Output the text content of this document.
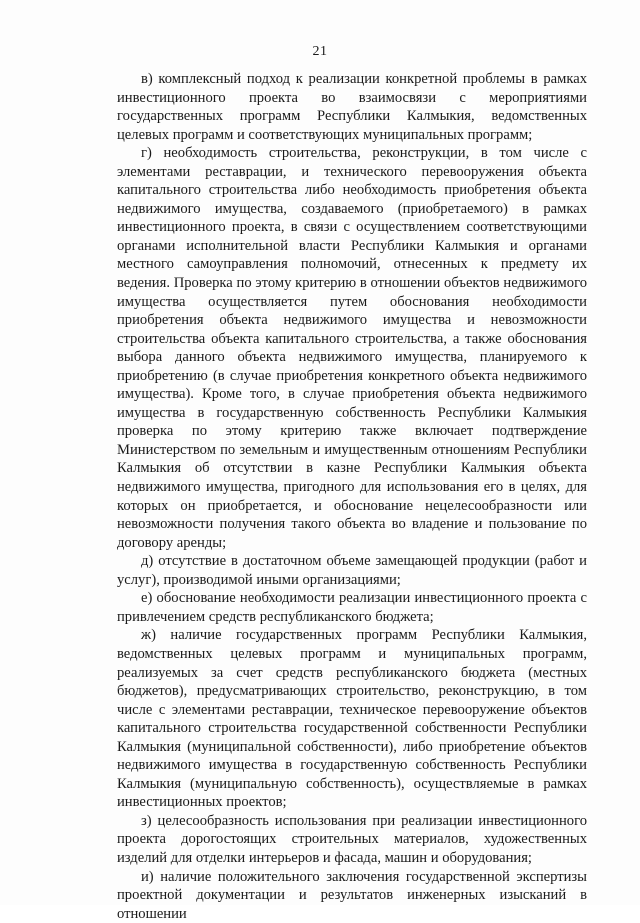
21

в) комплексный подход к реализации конкретной проблемы в рамках инвестиционного проекта во взаимосвязи с мероприятиями государственных программ Республики Калмыкия, ведомственных целевых программ и соответствующих муниципальных программ;

г) необходимость строительства, реконструкции, в том числе с элементами реставрации, и технического перевооружения объекта капитального строительства либо необходимость приобретения объекта недвижимого имущества, создаваемого (приобретаемого) в рамках инвестиционного проекта, в связи с осуществлением соответствующими органами исполнительной власти Республики Калмыкия и органами местного самоуправления полномочий, отнесенных к предмету их ведения. Проверка по этому критерию в отношении объектов недвижимого имущества осуществляется путем обоснования необходимости приобретения объекта недвижимого имущества и невозможности строительства объекта капитального строительства, а также обоснования выбора данного объекта недвижимого имущества, планируемого к приобретению (в случае приобретения конкретного объекта недвижимого имущества). Кроме того, в случае приобретения объекта недвижимого имущества в государственную собственность Республики Калмыкия проверка по этому критерию также включает подтверждение Министерством по земельным и имущественным отношениям Республики Калмыкия об отсутствии в казне Республики Калмыкия объекта недвижимого имущества, пригодного для использования его в целях, для которых он приобретается, и обоснование нецелесообразности или невозможности получения такого объекта во владение и пользование по договору аренды;

д) отсутствие в достаточном объеме замещающей продукции (работ и услуг), производимой иными организациями;

е) обоснование необходимости реализации инвестиционного проекта с привлечением средств республиканского бюджета;

ж) наличие государственных программ Республики Калмыкия, ведомственных целевых программ и муниципальных программ, реализуемых за счет средств республиканского бюджета (местных бюджетов), предусматривающих строительство, реконструкцию, в том числе с элементами реставрации, техническое перевооружение объектов капитального строительства государственной собственности Республики Калмыкия (муниципальной собственности), либо приобретение объектов недвижимого имущества в государственную собственность Республики Калмыкия (муниципальную собственность), осуществляемые в рамках инвестиционных проектов;

з) целесообразность использования при реализации инвестиционного проекта дорогостоящих строительных материалов, художественных изделий для отделки интерьеров и фасада, машин и оборудования;

и) наличие положительного заключения государственной экспертизы проектной документации и результатов инженерных изысканий в отношении
